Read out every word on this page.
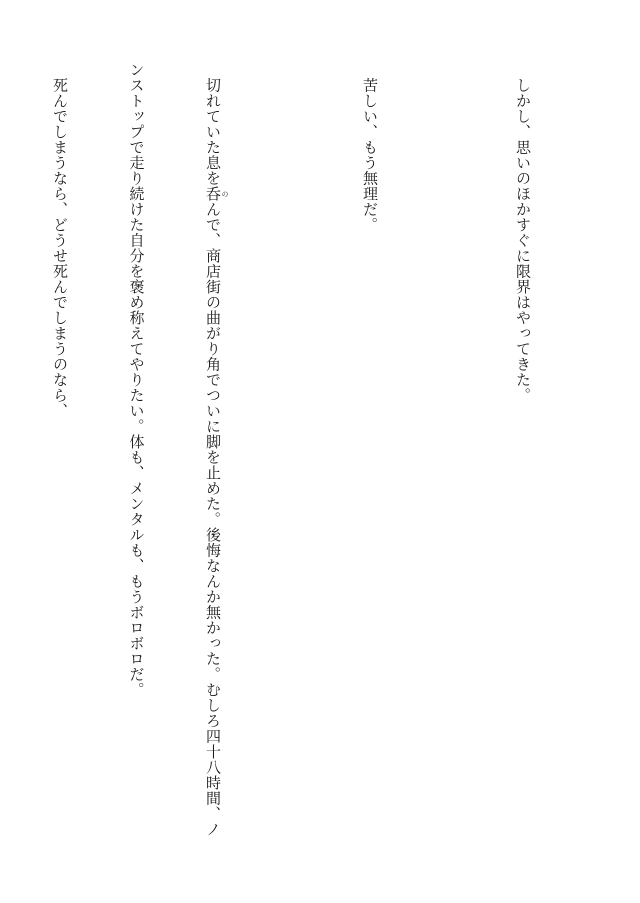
　しかし、思いのほかすぐに限界はやってきた。

　苦しい、もう無理だ。

　切れていた息を呑 のんで、商店街の曲がり角でついに脚を止めた。後悔なんか無かった。むしろ四十八時間、ノ

ンストップで走り続けた自分を褒め称えてやりたい。体も、メンタルも、もうボロボロだ。

　死んでしまうなら、どうせ死んでしまうのなら、
